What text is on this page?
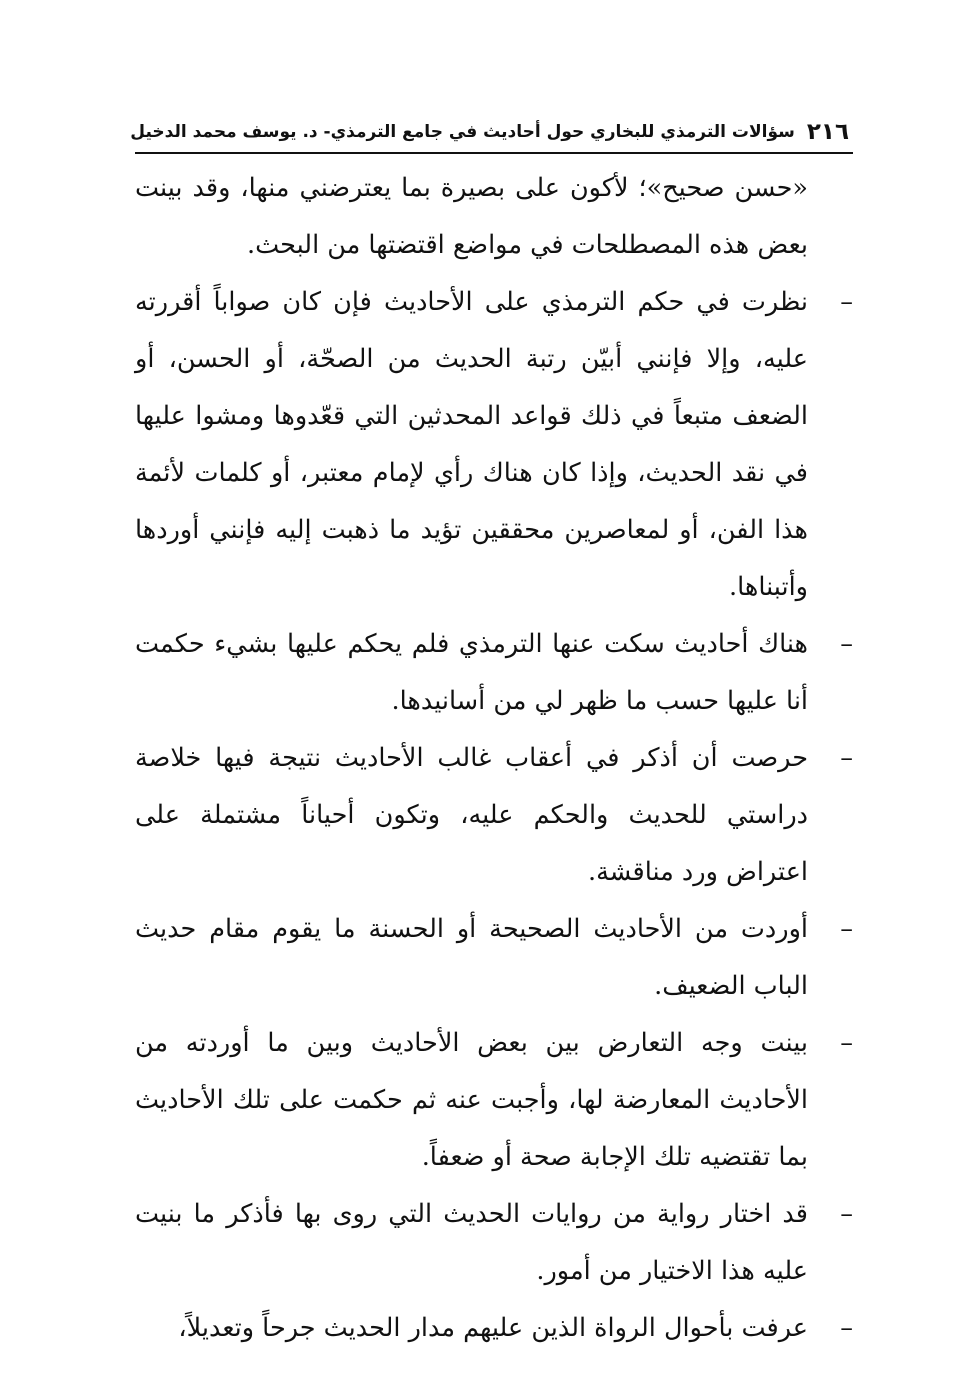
٢١٦
سؤالات الترمذي للبخاري حول أحاديث في جامع الترمذي- د. يوسف محمد الدخيل

«حسن صحيح»؛ لأكون على بصيرة بما يعترضني منها، وقد بينت بعض هذه المصطلحات في مواضع اقتضتها من البحث.

–
نظرت في حكم الترمذي على الأحاديث فإن كان صواباً أقررته عليه، وإلا فإنني أبيّن رتبة الحديث من الصحّة، أو الحسن، أو الضعف متبعاً في ذلك قواعد المحدثين التي قعّدوها ومشوا عليها في نقد الحديث، وإذا كان هناك رأي لإمام معتبر، أو كلمات لأئمة هذا الفن، أو لمعاصرين محققين تؤيد ما ذهبت إليه فإنني أوردها وأتبناها.

–
هناك أحاديث سكت عنها الترمذي فلم يحكم عليها بشيء حكمت أنا عليها حسب ما ظهر لي من أسانيدها.

–
حرصت أن أذكر في أعقاب غالب الأحاديث نتيجة فيها خلاصة دراستي للحديث والحكم عليه، وتكون أحياناً مشتملة على اعتراض ورد مناقشة.

–
أوردت من الأحاديث الصحيحة أو الحسنة ما يقوم مقام حديث الباب الضعيف.

–
بينت وجه التعارض بين بعض الأحاديث وبين ما أوردته من الأحاديث المعارضة لها، وأجبت عنه ثم حكمت على تلك الأحاديث بما تقتضيه تلك الإجابة صحة أو ضعفاً.

–
قد اختار رواية من روايات الحديث التي روى بها فأذكر ما بنيت عليه هذا الاختيار من أمور.

–
عرفت بأحوال الرواة الذين عليهم مدار الحديث جرحاً وتعديلاً،
